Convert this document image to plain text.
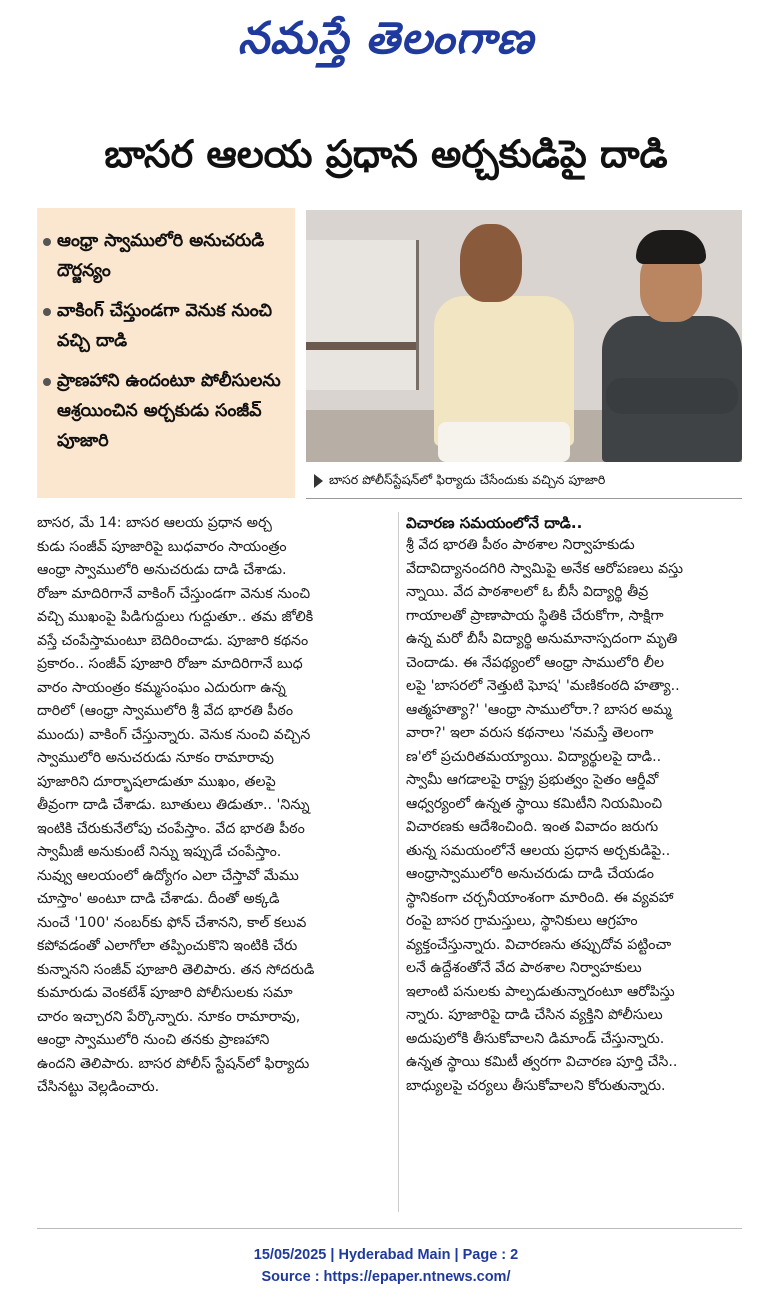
నమస్తే తెలంగాణ
బాసర ఆలయ ప్రధాన అర్చకుడిపై దాడి
ఆంధ్రా స్వాములోరి అనుచరుడి దౌర్జన్యం
వాకింగ్ చేస్తుండగా వెనుక నుంచి వచ్చి దాడి
ప్రాణహాని ఉందంటూ పోలీసులను ఆశ్రయించిన అర్చకుడు సంజీవ్ పూజారి
బాసర పోలీస్‌స్టేషన్‌లో ఫిర్యాదు చేసేందుకు వచ్చిన పూజారి
బాసర, మే 14: బాసర ఆలయ ప్రధాన అర్చ
కుడు సంజీవ్ పూజారిపై బుధవారం సాయంత్రం
ఆంధ్రా స్వాములోరి అనుచరుడు దాడి చేశాడు.
రోజూ మాదిరిగానే వాకింగ్ చేస్తుండగా వెనుక నుంచి
వచ్చి ముఖంపై పిడిగుద్దులు గుద్దుతూ.. తమ జోలికి
వస్తే చంపేస్తామంటూ బెదిరించాడు. పూజారి కథనం
ప్రకారం.. సంజీవ్ పూజారి రోజూ మాదిరిగానే బుధ
వారం సాయంత్రం కమ్మసంఘం ఎదురుగా ఉన్న
దారిలో (ఆంధ్రా స్వాములోరి శ్రీ వేద భారతి పీఠం
ముందు) వాకింగ్ చేస్తున్నారు. వెనుక నుంచి వచ్చిన
స్వాములోరి అనుచరుడు నూకం రామారావు
పూజారిని దూర్భాషలాడుతూ ముఖం, తలపై
తీవ్రంగా దాడి చేశాడు. బూతులు తిడుతూ.. 'నిన్ను
ఇంటికి చేరుకునేలోపు చంపేస్తాం. వేద భారతి పీఠం
స్వామీజీ అనుకుంటే నిన్ను ఇప్పుడే చంపేస్తాం.
నువ్వు ఆలయంలో ఉద్యోగం ఎలా చేస్తావో మేము
చూస్తాం' అంటూ దాడి చేశాడు. దీంతో అక్కడి
నుంచే '100' నంబర్‌కు ఫోన్ చేశానని, కాల్ కలువ
కపోవడంతో ఎలాగోలా తప్పించుకొని ఇంటికి చేరు
కున్నానని సంజీవ్ పూజారి తెలిపారు. తన సోదరుడి
కుమారుడు వెంకటేశ్ పూజారి పోలీసులకు సమా
చారం ఇచ్చారని పేర్కొన్నారు. నూకం రామారావు,
ఆంధ్రా స్వాములోరి నుంచి తనకు ప్రాణహాని
ఉందని తెలిపారు. బాసర పోలీస్ స్టేషన్‌లో ఫిర్యాదు
చేసినట్టు వెల్లడించారు.
విచారణ సమయంలోనే దాడి..
శ్రీ వేద భారతి పీఠం పాఠశాల నిర్వాహకుడు
వేదావిద్యానందగిరి స్వామిపై అనేక ఆరోపణలు వస్తు
న్నాయి. వేద పాఠశాలలో ఓ బీసీ విద్యార్థి తీవ్ర
గాయాలతో ప్రాణాపాయ స్థితికి చేరుకోగా, సాక్షిగా
ఉన్న మరో బీసీ విద్యార్థి అనుమానాస్పదంగా మృతి
చెందాడు. ఈ నేపథ్యంలో ఆంధ్రా సాములోరి లీల
లపై 'బాసరలో నెత్తుటి ఘోష' 'మణికంఠది హత్యా..
ఆత్మహత్యా?' 'ఆంధ్రా సాములోరా.? బాసర అమ్మ
వారా?' ఇలా వరుస కథనాలు 'నమస్తే తెలంగా
ణ'లో ప్రచురితమయ్యాయి. విద్యార్థులపై దాడి..
స్వామీ ఆగడాలపై రాష్ట్ర ప్రభుత్వం సైతం ఆర్డీవో
ఆధ్వర్యంలో ఉన్నత స్థాయి కమిటీని నియమించి
విచారణకు ఆదేశించింది. ఇంత వివాదం జరుగు
తున్న సమయంలోనే ఆలయ ప్రధాన అర్చకుడిపై..
ఆంధ్రాస్వాములోరి అనుచరుడు దాడి చేయడం
స్థానికంగా చర్చనీయాంశంగా మారింది. ఈ వ్యవహా
రంపై బాసర గ్రామస్తులు, స్థానికులు ఆగ్రహం
వ్యక్తంచేస్తున్నారు. విచారణను తప్పుదోవ పట్టించా
లనే ఉద్దేశంతోనే వేద పాఠశాల నిర్వాహకులు
ఇలాంటి పనులకు పాల్పడుతున్నారంటూ ఆరోపిస్తు
న్నారు. పూజారిపై దాడి చేసిన వ్యక్తిని పోలీసులు
అదుపులోకి తీసుకోవాలని డిమాండ్ చేస్తున్నారు.
ఉన్నత స్థాయి కమిటీ త్వరగా విచారణ పూర్తి చేసి..
బాధ్యులపై చర్యలు తీసుకోవాలని కోరుతున్నారు.
15/05/2025 | Hyderabad Main | Page : 2
Source : https://epaper.ntnews.com/
